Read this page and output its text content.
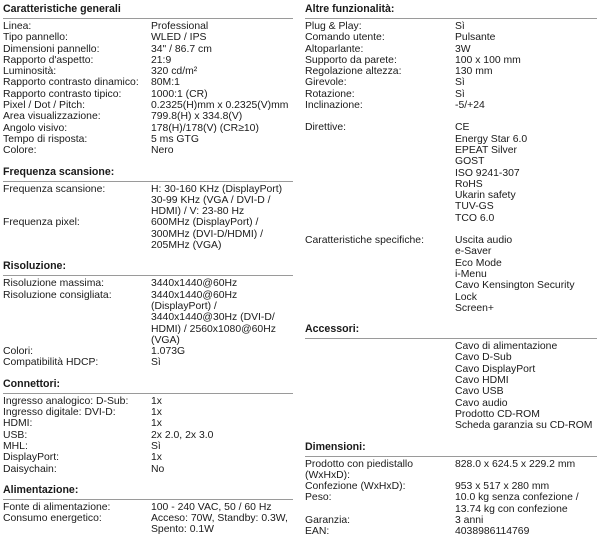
Caratteristiche generali
Linea:	Professional
Tipo pannello:	WLED / IPS
Dimensioni pannello:	34" / 86.7 cm
Rapporto d'aspetto:	21:9
Luminosità:	320 cd/m²
Rapporto contrasto dinamico:	80M:1
Rapporto contrasto tipico:	1000:1 (CR)
Pixel / Dot / Pitch:	0.2325(H)mm x 0.2325(V)mm
Area visualizzazione:	799.8(H) x 334.8(V)
Angolo visivo:	178(H)/178(V) (CR≥10)
Tempo di risposta:	5 ms GTG
Colore:	Nero
Frequenza scansione:
Frequenza scansione:	H: 30-160 KHz (DisplayPort)
30-99 KHz (VGA / DVI-D /
HDMI) / V: 23-80 Hz
Frequenza pixel:	600MHz (DisplayPort) /
300MHz (DVI-D/HDMI) /
205MHz (VGA)
Risoluzione:
Risoluzione massima:	3440x1440@60Hz
Risoluzione consigliata:	3440x1440@60Hz
(DisplayPort) /
3440x1440@30Hz (DVI-D/
HDMI) / 2560x1080@60Hz
(VGA)
Colori:	1.073G
Compatibilità HDCP:	Sì
Connettori:
Ingresso analogico: D-Sub:	1x
Ingresso digitale: DVI-D:	1x
HDMI:	1x
USB:	2x 2.0, 2x 3.0
MHL:	Sì
DisplayPort:	1x
Daisychain:	No
Alimentazione:
Fonte di alimentazione:	100 - 240 VAC, 50 / 60 Hz
Consumo energetico:	Acceso: 70W, Standby: 0.3W,
Spento: 0.1W
Altre funzionalità:
Plug & Play:	Sì
Comando utente:	Pulsante
Altoparlante:	3W
Supporto da parete:	100 x 100 mm
Regolazione altezza:	130 mm
Girevole:	Sì
Rotazione:	Sì
Inclinazione:	-5/+24
Direttive:	CE
Energy Star 6.0
EPEAT Silver
GOST
ISO 9241-307
RoHS
Ukarin safety
TUV-GS
TCO 6.0
Caratteristiche specifiche:	Uscita audio
e-Saver
Eco Mode
i-Menu
Cavo Kensington Security Lock
Screen+
Accessori:
Cavo di alimentazione
Cavo D-Sub
Cavo DisplayPort
Cavo HDMI
Cavo USB
Cavo audio
Prodotto CD-ROM
Scheda garanzia su CD-ROM
Dimensioni:
Prodotto con piedistallo (WxHxD):
828.0 x 624.5 x 229.2 mm
Confezione (WxHxD):	953 x 517 x 280 mm
Peso:	10.0 kg senza confezione /
13.74 kg con confezione
Garanzia:	3 anni
EAN:	4038986114769
